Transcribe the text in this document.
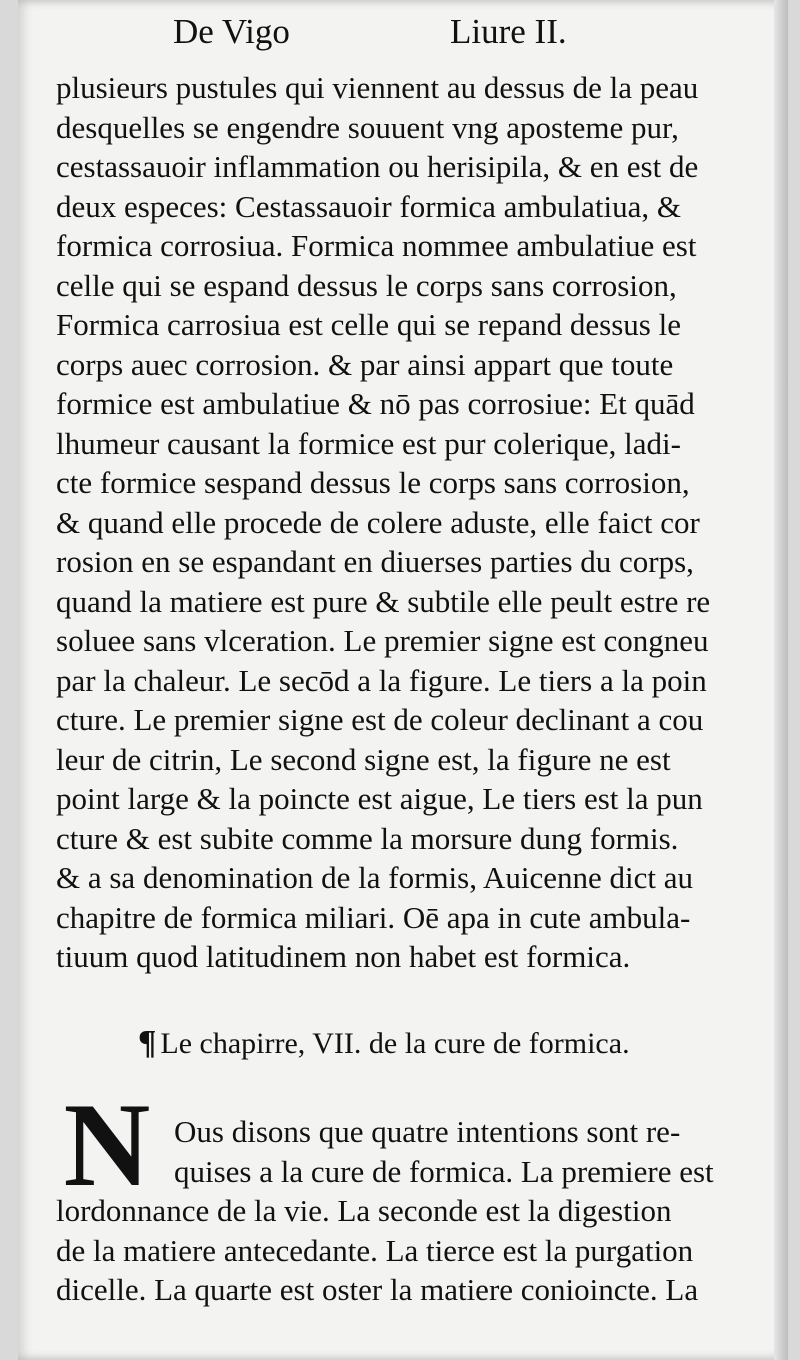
De Vigo	Liure II.
plusieurs pustules qui viennent au dessus de la peau
desquelles se engendre souuent vng aposteme pur,
cestassauoir inflammation ou herisipila, & en est de
deux especes: Cestassauoir formica ambulatiua, &
formica corrosiua. Formica nommee ambulatiue est
celle qui se espand dessus le corps sans corrosion,
Formica carrosiua est celle qui se repand dessus le
corps auec corrosion. & par ainsi appart que toute
formice est ambulatiue & nō pas corrosiue: Et quād
lhumeur causant la formice est pur colerique, ladi-
cte formice sespand dessus le corps sans corrosion,
& quand elle procede de colere aduste, elle faict cor
rosion en se espandant en diuerses parties du corps,
quand la matiere est pure & subtile elle peult estre re
soluee sans vlceration. Le premier signe est congneu
par la chaleur. Le secōd a la figure. Le tiers a la poin
cture. Le premier signe est de coleur declinant a cou
leur de citrin, Le second signe est, la figure ne est
point large & la poincte est aigue, Le tiers est la pun
cture & est subite comme la morsure dung formis.
& a sa denomination de la formis, Auicenne dict au
chapitre de formica miliari. Oē apa in cute ambula-
tiuum quod latitudinem non habet est formica.
¶ Le chapirre, VII. de la cure de formica.
N Ous disons que quatre intentions sont re-
quises a la cure de formica. La premiere est
lordonnance de la vie. La seconde est la digestion
de la matiere antecedante. La tierce est la purgation
dicelle. La quarte est oster la matiere conioincte. La
